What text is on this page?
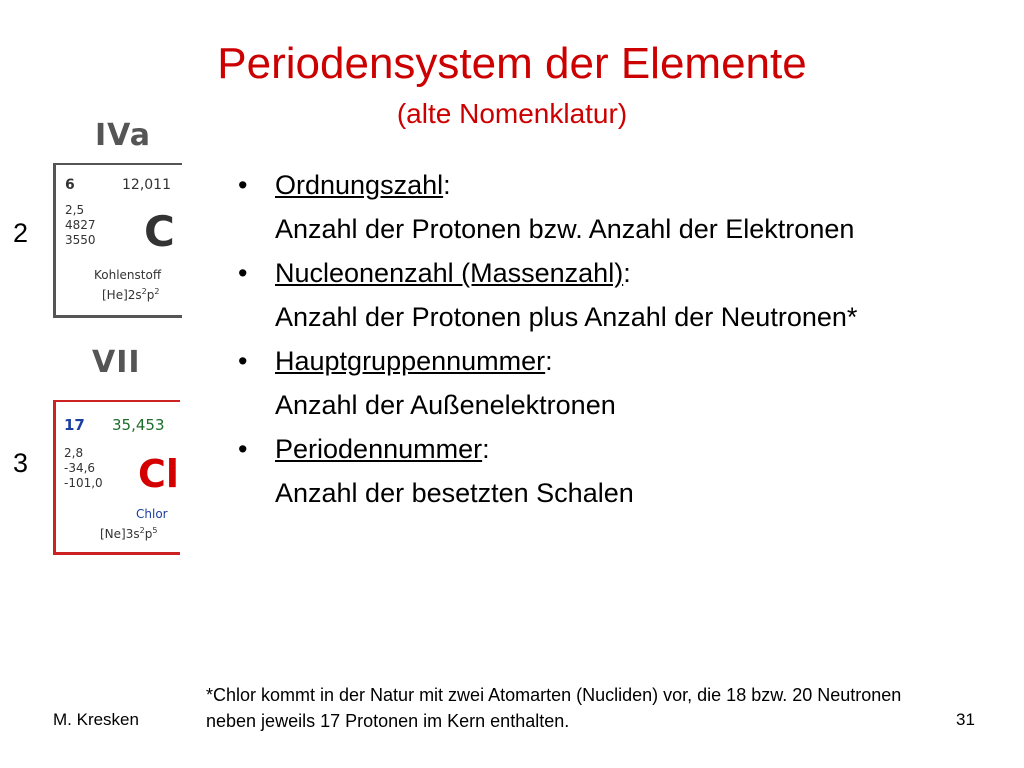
Periodensystem der Elemente
(alte Nomenklatur)
IVa
2
6	12,011
2,5
4827
3550 C
Kohlenstoff
$[He]2s^2p^2$
VII
3
17 35,453
2,8
-34,6
-101,0 Cl
Chlor
$[Ne]3s^2p^5$
• Ordnungszahl:
Anzahl der Protonen bzw. Anzahl der Elektronen
• Nucleonenzahl (Massenzahl):
Anzahl der Protonen plus Anzahl der Neutronen*
• Hauptgruppennummer:
Anzahl der Außenelektronen
• Periodennummer:
Anzahl der besetzten Schalen
*Chlor kommt in der Natur mit zwei Atomarten (Nucliden) vor, die 18 bzw. 20 Neutronen neben jeweils 17 Protonen im Kern enthalten.
M. Kresken	31
